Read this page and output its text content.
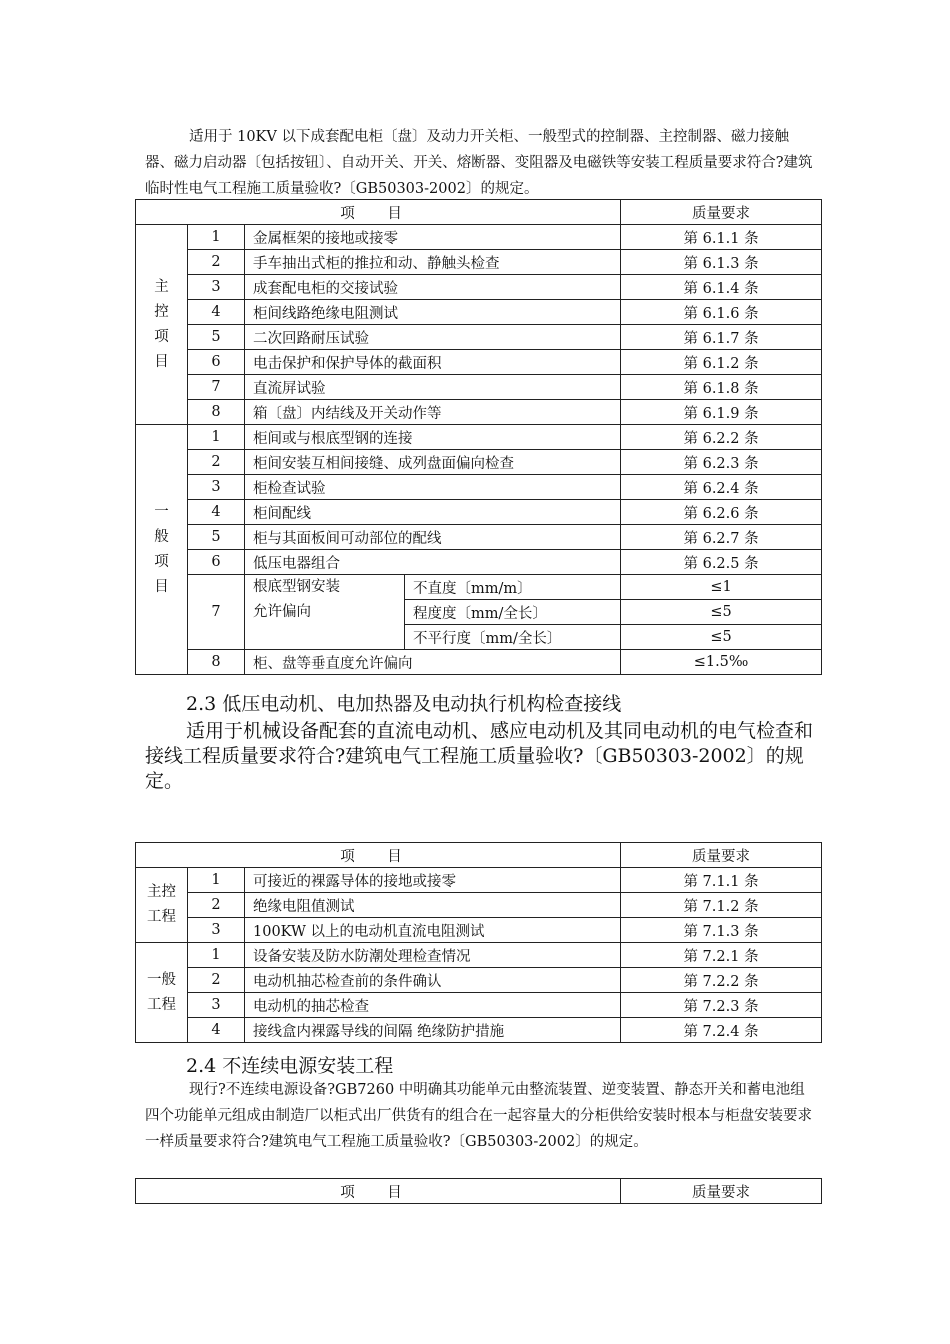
适用于 10KV 以下成套配电柜〔盘〕及动力开关柜、一般型式的控制器、主控制器、磁力接触器、磁力启动器〔包括按钮〕、自动开关、开关、熔断器、变阻器及电磁铁等安装工程质量要求符合?建筑临时性电气工程施工质量验收?〔GB50303-2002〕的规定。

项 目				质量要求

主
控
项
目	1	金属框架的接地或接零		第 6.1.1 条
	2	手车抽出式柜的推拉和动、静触头检查		第 6.1.3 条
	3	成套配电柜的交接试验		第 6.1.4 条
	4	柜间线路绝缘电阻测试		第 6.1.6 条
	5	二次回路耐压试验		第 6.1.7 条
	6	电击保护和保护导体的截面积		第 6.1.2 条
	7	直流屏试验		第 6.1.8 条
	8	箱〔盘〕内结线及开关动作等		第 6.1.9 条

一
般
项
目	1	柜间或与根底型钢的连接		第 6.2.2 条
	2	柜间安装互相间接缝、成列盘面偏向检查		第 6.2.3 条
	3	柜检查试验		第 6.2.4 条
	4	柜间配线		第 6.2.6 条
	5	柜与其面板间可动部位的配线		第 6.2.7 条
	6	低压电器组合		第 6.2.5 条
	7	根底型钢安装
允许偏向	不直度〔mm/m〕	≤1
			程度度〔mm/全长〕	≤5
			不平行度〔mm/全长〕	≤5
	8	柜、盘等垂直度允许偏向		≤1.5‰

2.3 低压电动机、电加热器及电动执行机构检查接线

适用于机械设备配套的直流电动机、感应电动机及其同电动机的电气检查和接线工程质量要求符合?建筑电气工程施工质量验收?〔GB50303-2002〕的规定。

项 目			质量要求

主控
工程	1	可接近的裸露导体的接地或接零	第 7.1.1 条
	2	绝缘电阻值测试	第 7.1.2 条
	3	100KW 以上的电动机直流电阻测试	第 7.1.3 条

一般
工程	1	设备安装及防水防潮处理检查情况	第 7.2.1 条
	2	电动机抽芯检查前的条件确认	第 7.2.2 条
	3	电动机的抽芯检查	第 7.2.3 条
	4	接线盒内裸露导线的间隔 绝缘防护措施	第 7.2.4 条

2.4 不连续电源安装工程

现行?不连续电源设备?GB7260 中明确其功能单元由整流装置、逆变装置、静态开关和蓄电池组四个功能单元组成由制造厂以柜式出厂供货有的组合在一起容量大的分柜供给安装时根本与柜盘安装要求一样质量要求符合?建筑电气工程施工质量验收?〔GB50303-2002〕的规定。

项 目	质量要求
